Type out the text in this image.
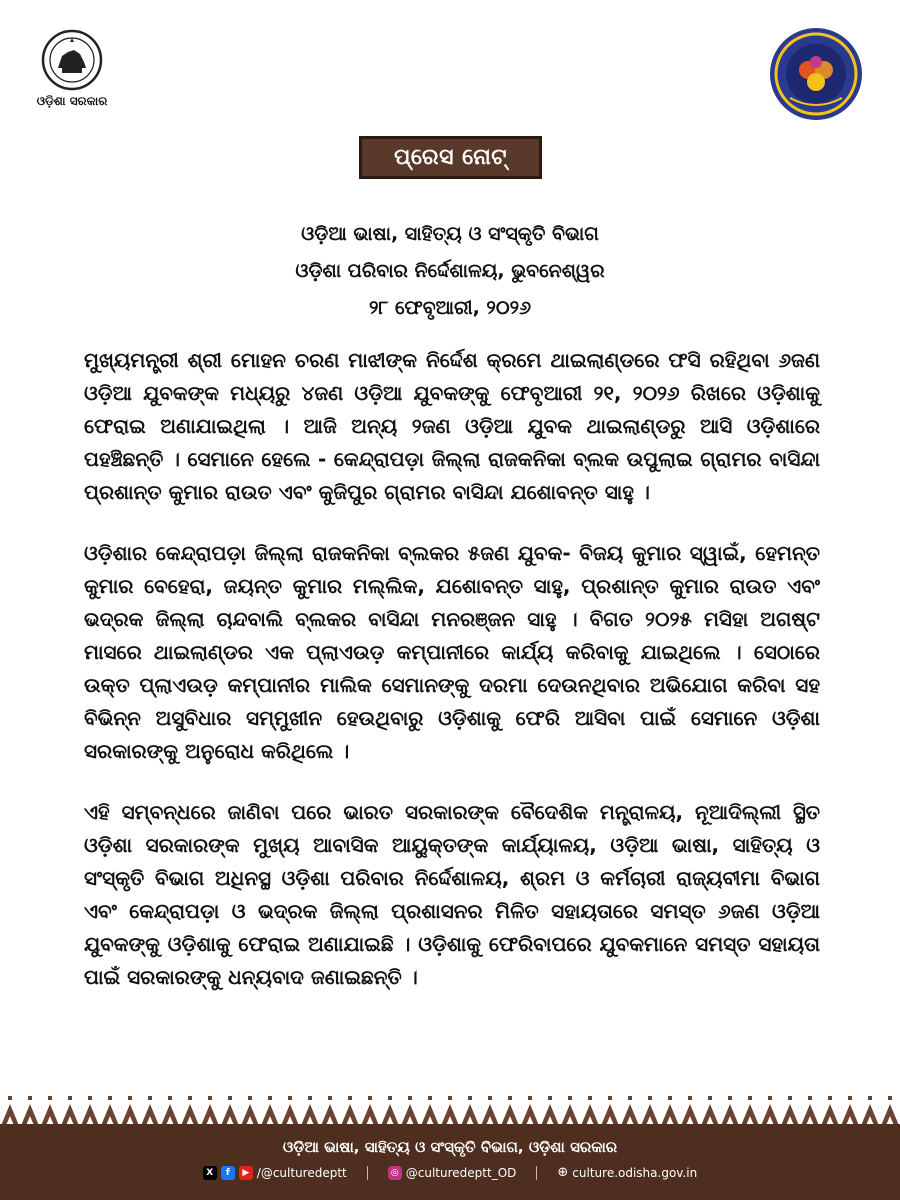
ଓଡ଼ିଶା ସରକାର
ପ୍ରେସ ନୋଟ୍
ଓଡ଼ିଆ ଭାଷା, ସାହିତ୍ୟ ଓ ସଂସ୍କୃତି ବିଭାଗ
ଓଡ଼ିଶା ପରିବାର ନିର୍ଦ୍ଦେଶାଳୟ, ଭୁବନେଶ୍ୱର
୨୮ ଫେବୃଆରୀ, ୨୦୨୬

ମୁଖ୍ୟମନ୍ତ୍ରୀ ଶ୍ରୀ ମୋହନ ଚରଣ ମାଝୀଙ୍କ ନିର୍ଦ୍ଦେଶ କ୍ରମେ ଥାଇଲାଣ୍ଡରେ ଫସି ରହିଥିବା ୬ଜଣ ଓଡ଼ିଆ ଯୁବକଙ୍କ ମଧ୍ୟରୁ ୪ଜଣ ଓଡ଼ିଆ ଯୁବକଙ୍କୁ ଫେବୃଆରୀ ୨୧, ୨୦୨୬ ରିଖରେ ଓଡ଼ିଶାକୁ ଫେରାଇ ଅଣାଯାଇଥିଲା । ଆଜି ଅନ୍ୟ ୨ଜଣ ଓଡ଼ିଆ ଯୁବକ ଥାଇଲାଣ୍ଡରୁ ଆସି ଓଡ଼ିଶାରେ ପହଞ୍ଚିଛନ୍ତି । ସେମାନେ ହେଲେ - କେନ୍ଦ୍ରାପଡ଼ା ଜିଲ୍ଲା ରାଜକନିକା ବ୍ଲକ ଉପୁଲାଇ ଗ୍ରାମର ବାସିନ୍ଦା ପ୍ରଶାନ୍ତ କୁମାର ରାଉତ ଏବଂ କୁଜିପୁର ଗ୍ରାମର ବାସିନ୍ଦା ଯଶୋବନ୍ତ ସାହୁ ।

ଓଡ଼ିଶାର କେନ୍ଦ୍ରାପଡ଼ା ଜିଲ୍ଲା ରାଜକନିକା ବ୍ଲକର ୫ଜଣ ଯୁବକ- ବିଜୟ କୁମାର ସ୍ୱାଇଁ, ହେମନ୍ତ କୁମାର ବେହେରା, ଜୟନ୍ତ କୁମାର ମଲ୍ଲିକ, ଯଶୋବନ୍ତ ସାହୁ, ପ୍ରଶାନ୍ତ କୁମାର ରାଉତ ଏବଂ ଭଦ୍ରକ ଜିଲ୍ଲା ଚାନ୍ଦବାଲି ବ୍ଲକର ବାସିନ୍ଦା ମନରଞ୍ଜନ ସାହୁ । ବିଗତ ୨୦୨୫ ମସିହା ଅଗଷ୍ଟ ମାସରେ ଥାଇଲାଣ୍ଡର ଏକ ପ୍ଲାଏଉଡ଼ କମ୍ପାନୀରେ କାର୍ଯ୍ୟ କରିବାକୁ ଯାଇଥିଲେ । ସେଠାରେ ଉକ୍ତ ପ୍ଲାଏଉଡ଼ କମ୍ପାନୀର ମାଲିକ ସେମାନଙ୍କୁ ଦରମା ଦେଉନଥିବାର ଅଭିଯୋଗ କରିବା ସହ ବିଭିନ୍ନ ଅସୁବିଧାର ସମ୍ମୁଖୀନ ହେଉଥିବାରୁ ଓଡ଼ିଶାକୁ ଫେରି ଆସିବା ପାଇଁ ସେମାନେ ଓଡ଼ିଶା ସରକାରଙ୍କୁ ଅନୁରୋଧ କରିଥିଲେ ।

ଏହି ସମ୍ବନ୍ଧରେ ଜାଣିବା ପରେ ଭାରତ ସରକାରଙ୍କ ବୈଦେଶିକ ମନ୍ତ୍ରାଳୟ, ନୂଆଦିଲ୍ଲୀ ସ୍ଥିତ ଓଡ଼ିଶା ସରକାରଙ୍କ ମୁଖ୍ୟ ଆବାସିକ ଆୟୁକ୍ତଙ୍କ କାର୍ଯ୍ୟାଳୟ, ଓଡ଼ିଆ ଭାଷା, ସାହିତ୍ୟ ଓ ସଂସ୍କୃତି ବିଭାଗ ଅଧିନସ୍ଥ ଓଡ଼ିଶା ପରିବାର ନିର୍ଦ୍ଦେଶାଳୟ, ଶ୍ରମ ଓ କର୍ମଚାରୀ ରାଜ୍ୟବୀମା ବିଭାଗ ଏବଂ କେନ୍ଦ୍ରାପଡ଼ା ଓ ଭଦ୍ରକ ଜିଲ୍ଲା ପ୍ରଶାସନର ମିଳିତ ସହାୟତାରେ ସମସ୍ତ ୬ଜଣ ଓଡ଼ିଆ ଯୁବକଙ୍କୁ ଓଡ଼ିଶାକୁ ଫେରାଇ ଅଣାଯାଇଛି । ଓଡ଼ିଶାକୁ ଫେରିବାପରେ ଯୁବକମାନେ ସମସ୍ତ ସହାୟତା ପାଇଁ ସରକାରଙ୍କୁ ଧନ୍ୟବାଦ ଜଣାଇଛନ୍ତି ।

ଓଡ଼ିଆ ଭାଷା, ସାହିତ୍ୟ ଓ ସଂସ୍କୃତି ବିଭାଗ, ଓଡ଼ିଶା ସରକାର
X	f	▶ /@culturedeptt	◎ @culturedeptt_OD	⊕ culture.odisha.gov.in
